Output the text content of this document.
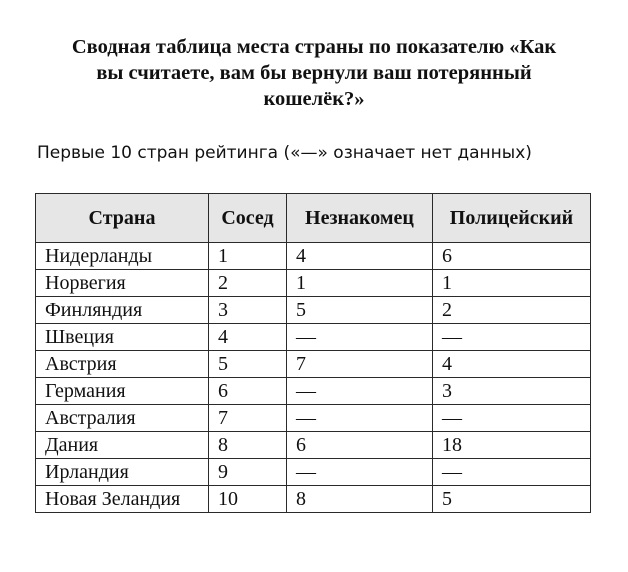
Сводная таблица места страны по показателю «Как
вы считаете, вам бы вернули ваш потерянный
кошелёк?»

Первые 10 стран рейтинга («—» означает нет данных)

Страна	Сосед	Незнакомец	Полицейский
Нидерланды	1	4	6
Норвегия	2	1	1
Финляндия	3	5	2
Швеция	4	—	—
Австрия	5	7	4
Германия	6	—	3
Австралия	7	—	—
Дания	8	6	18
Ирландия	9	—	—
Новая Зеландия	10	8	5
